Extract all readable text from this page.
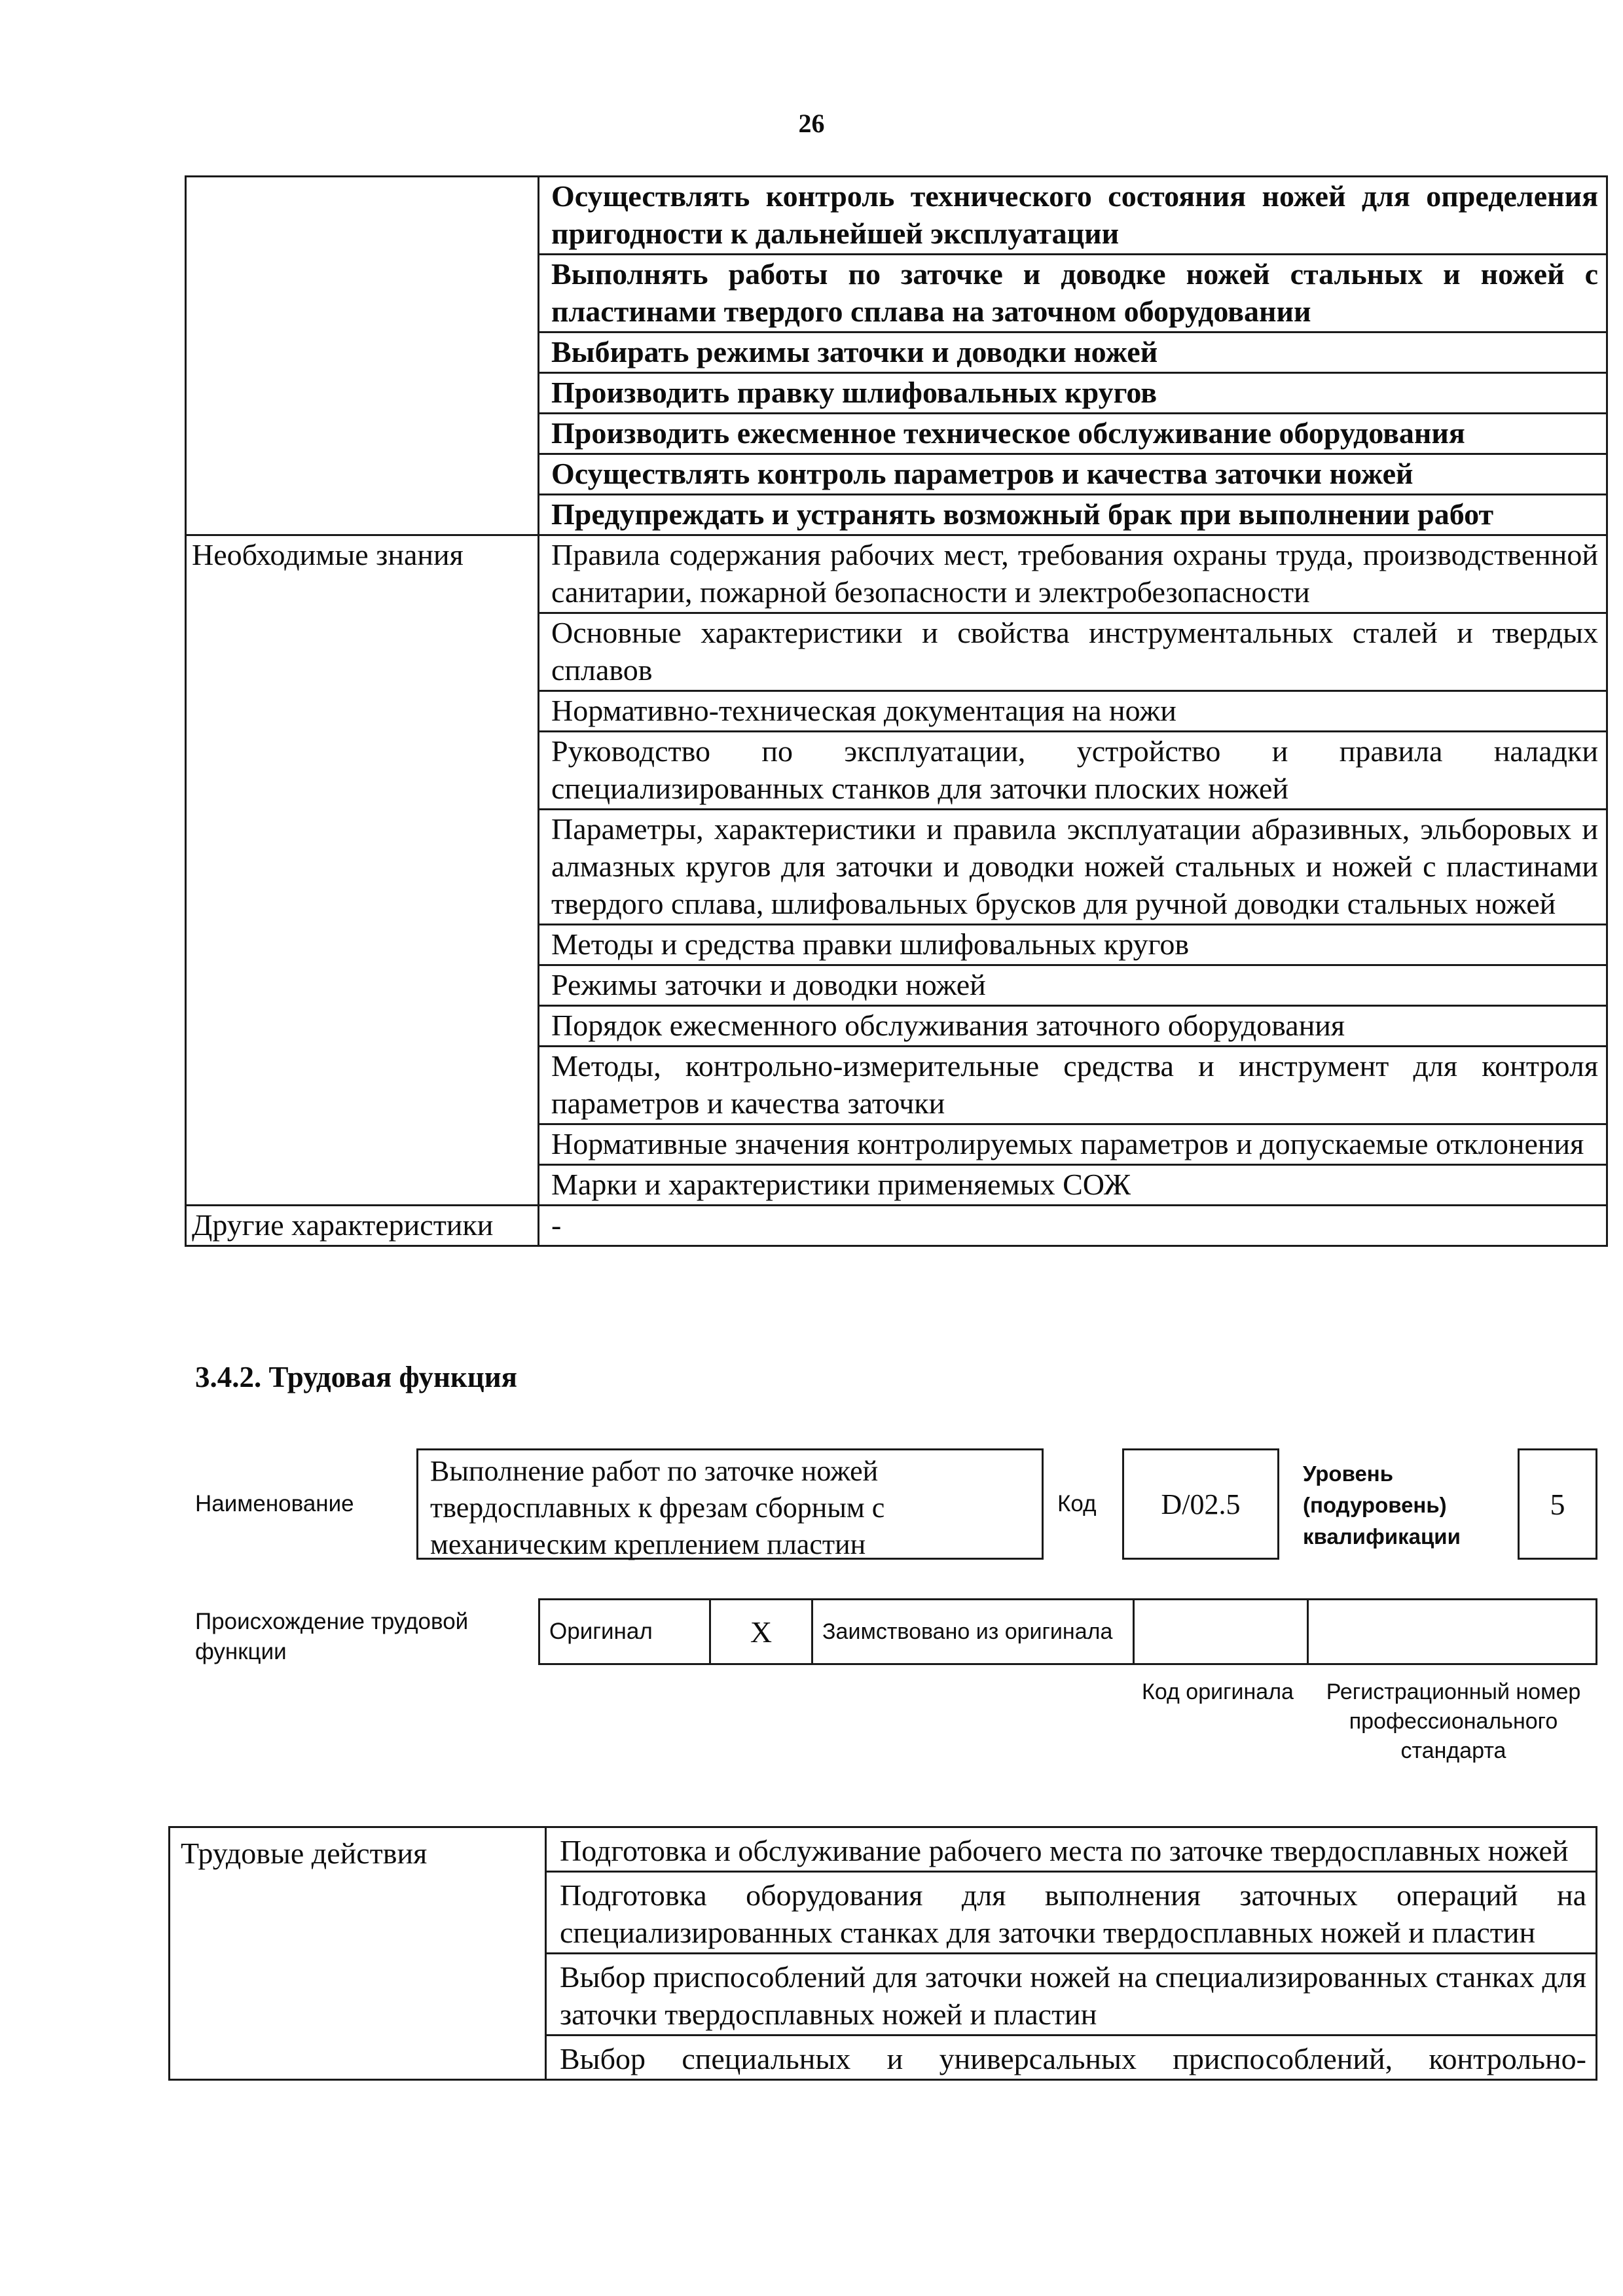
26
	Осуществлять контроль технического состояния ножей для определения пригодности к дальнейшей эксплуатации
	Выполнять работы по заточке и доводке ножей стальных и ножей с пластинами твердого сплава на заточном оборудовании
	Выбирать режимы заточки и доводки ножей
	Производить правку шлифовальных кругов
	Производить ежесменное техническое обслуживание оборудования
	Осуществлять контроль параметров и качества заточки ножей
	Предупреждать и устранять возможный брак при выполнении работ
Необходимые знания	Правила содержания рабочих мест, требования охраны труда, производственной санитарии, пожарной безопасности и электробезопасности
	Основные характеристики и свойства инструментальных сталей и твердых сплавов
	Нормативно-техническая документация на ножи
	Руководство по эксплуатации, устройство и правила наладки специализированных станков для заточки плоских ножей
	Параметры, характеристики и правила эксплуатации абразивных, эльборовых и алмазных кругов для заточки и доводки ножей стальных и ножей с пластинами твердого сплава, шлифовальных брусков для ручной доводки стальных ножей
	Методы и средства правки шлифовальных кругов
	Режимы заточки и доводки ножей
	Порядок ежесменного обслуживания заточного оборудования
	Методы, контрольно-измерительные средства и инструмент для контроля параметров и качества заточки
	Нормативные значения контролируемых параметров и допускаемые отклонения
	Марки и характеристики применяемых СОЖ
Другие характеристики	-
3.4.2. Трудовая функция
Наименование
Выполнение работ по заточке ножей твердосплавных к фрезам сборным с механическим креплением пластин
Код D/02.5
Уровень (подуровень) квалификации
5
Происхождение трудовой функции
Оригинал	X	Заимствовано из оригинала

Код оригинала	Регистрационный номер профессионального стандарта
Трудовые действия	Подготовка и обслуживание рабочего места по заточке твердосплавных ножей
Подготовка оборудования для выполнения заточных операций на специализированных станках для заточки твердосплавных ножей и пластин
Выбор приспособлений для заточки ножей на специализированных станках для заточки твердосплавных ножей и пластин
Выбор специальных и универсальных приспособлений, контрольно-
